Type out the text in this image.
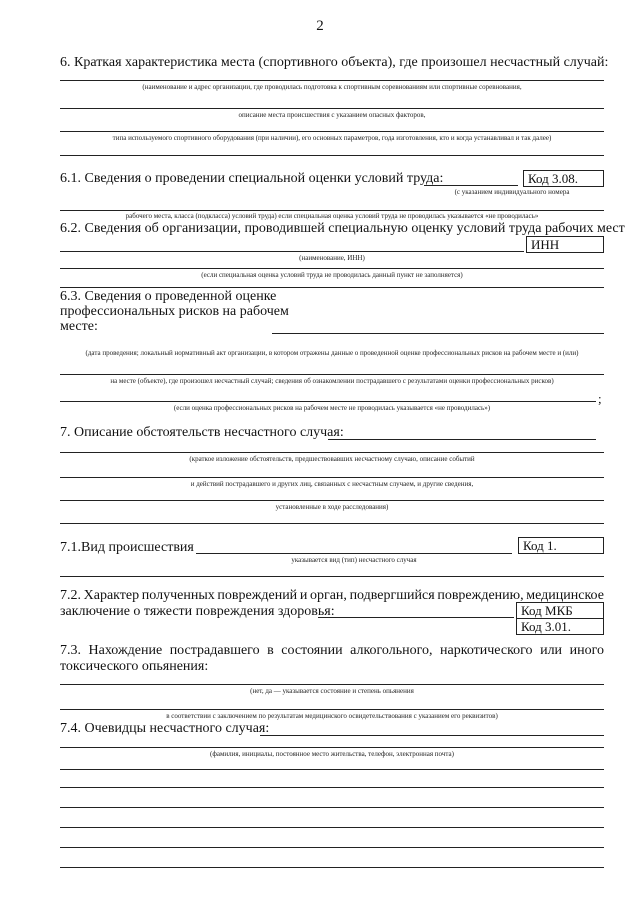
2
6. Краткая характеристика места (спортивного объекта), где произошел несчастный случай:
(наименование и адрес организации, где проводилась подготовка к спортивным соревнованиям или спортивные соревнования,
описание места происшествия с указанием опасных факторов,
типа используемого спортивного оборудования (при наличии), его основных параметров, года изготовления, кто и когда устанавливал и так далее)
6.1. Сведения о проведении специальной оценки условий труда:	Код 3.08.
(с указанием индивидуального номера
рабочего места, класса (подкласса) условий труда) если специальная оценка условий труда не проводилась указывается «не проводилась»
6.2. Сведения об организации, проводившей специальную оценку условий труда рабочих мест
ИНН
(наименование, ИНН)
(если специальная оценка условий труда не проводилась данный пункт не заполняется)
6.3. Сведения о проведенной оценке
профессиональных рисков на рабочем
месте:
(дата проведения; локальный нормативный акт организации, в котором отражены данные о проведенной оценке профессиональных рисков на рабочем месте и (или)
на месте (объекте), где произошел несчастный случай; сведения об ознакомлении пострадавшего с результатами оценки профессиональных рисков)
;
(если оценка профессиональных рисков на рабочем месте не проводилась указывается «не проводилась»)
7. Описание обстоятельств несчастного случая:
(краткое изложение обстоятельств, предшествовавших несчастному случаю, описание событий
и действий пострадавшего и других лиц, связанных с несчастным случаем, и другие сведения,
установленные в ходе расследования)
7.1.Вид происшествия	Код 1.
указывается вид (тип) несчастного случая
7.2. Характер полученных повреждений и орган, подвергшийся повреждению, медицинское
заключение о тяжести повреждения здоровья:	Код МКБ
Код 3.01.
7.3. Нахождение пострадавшего в состоянии алкогольного, наркотического или иного
токсического опьянения:
(нет, да — указывается состояние и степень опьянения
в соответствии с заключением по результатам медицинского освидетельствования с указанием его реквизитов)
7.4. Очевидцы несчастного случая:
(фамилия, инициалы, постоянное место жительства, телефон, электронная почта)
